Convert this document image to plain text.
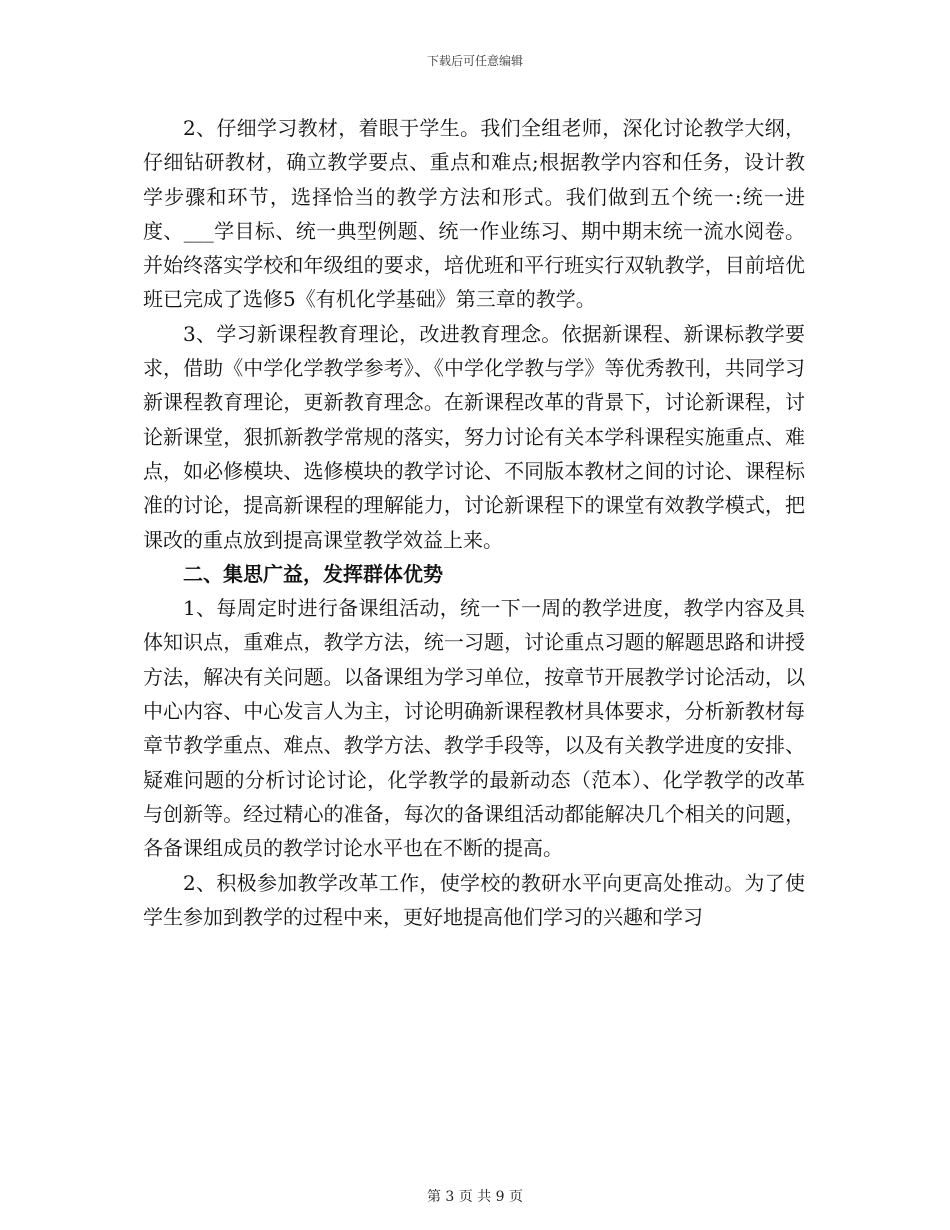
下载后可任意编辑

2、仔细学习教材，着眼于学生。我们全组老师，深化讨论教学大纲，仔细钻研教材，确立教学要点、重点和难点;根据教学内容和任务，设计教学步骤和环节，选择恰当的教学方法和形式。我们做到五个统一:统一进度、___学目标、统一典型例题、统一作业练习、期中期末统一流水阅卷。并始终落实学校和年级组的要求，培优班和平行班实行双轨教学，目前培优班已完成了选修5《有机化学基础》第三章的教学。

3、学习新课程教育理论，改进教育理念。依据新课程、新课标教学要求，借助《中学化学教学参考》、《中学化学教与学》等优秀教刊，共同学习新课程教育理论，更新教育理念。在新课程改革的背景下，讨论新课程，讨论新课堂，狠抓新教学常规的落实，努力讨论有关本学科课程实施重点、难点，如必修模块、选修模块的教学讨论、不同版本教材之间的讨论、课程标准的讨论，提高新课程的理解能力，讨论新课程下的课堂有效教学模式，把课改的重点放到提高课堂教学效益上来。

二、集思广益，发挥群体优势

1、每周定时进行备课组活动，统一下一周的教学进度，教学内容及具体知识点，重难点，教学方法，统一习题，讨论重点习题的解题思路和讲授方法，解决有关问题。以备课组为学习单位，按章节开展教学讨论活动，以中心内容、中心发言人为主，讨论明确新课程教材具体要求，分析新教材每章节教学重点、难点、教学方法、教学手段等，以及有关教学进度的安排、疑难问题的分析讨论讨论，化学教学的最新动态（范本）、化学教学的改革与创新等。经过精心的准备，每次的备课组活动都能解决几个相关的问题，各备课组成员的教学讨论水平也在不断的提高。

2、积极参加教学改革工作，使学校的教研水平向更高处推动。为了使学生参加到教学的过程中来，更好地提高他们学习的兴趣和学习

第 3 页 共 9 页
